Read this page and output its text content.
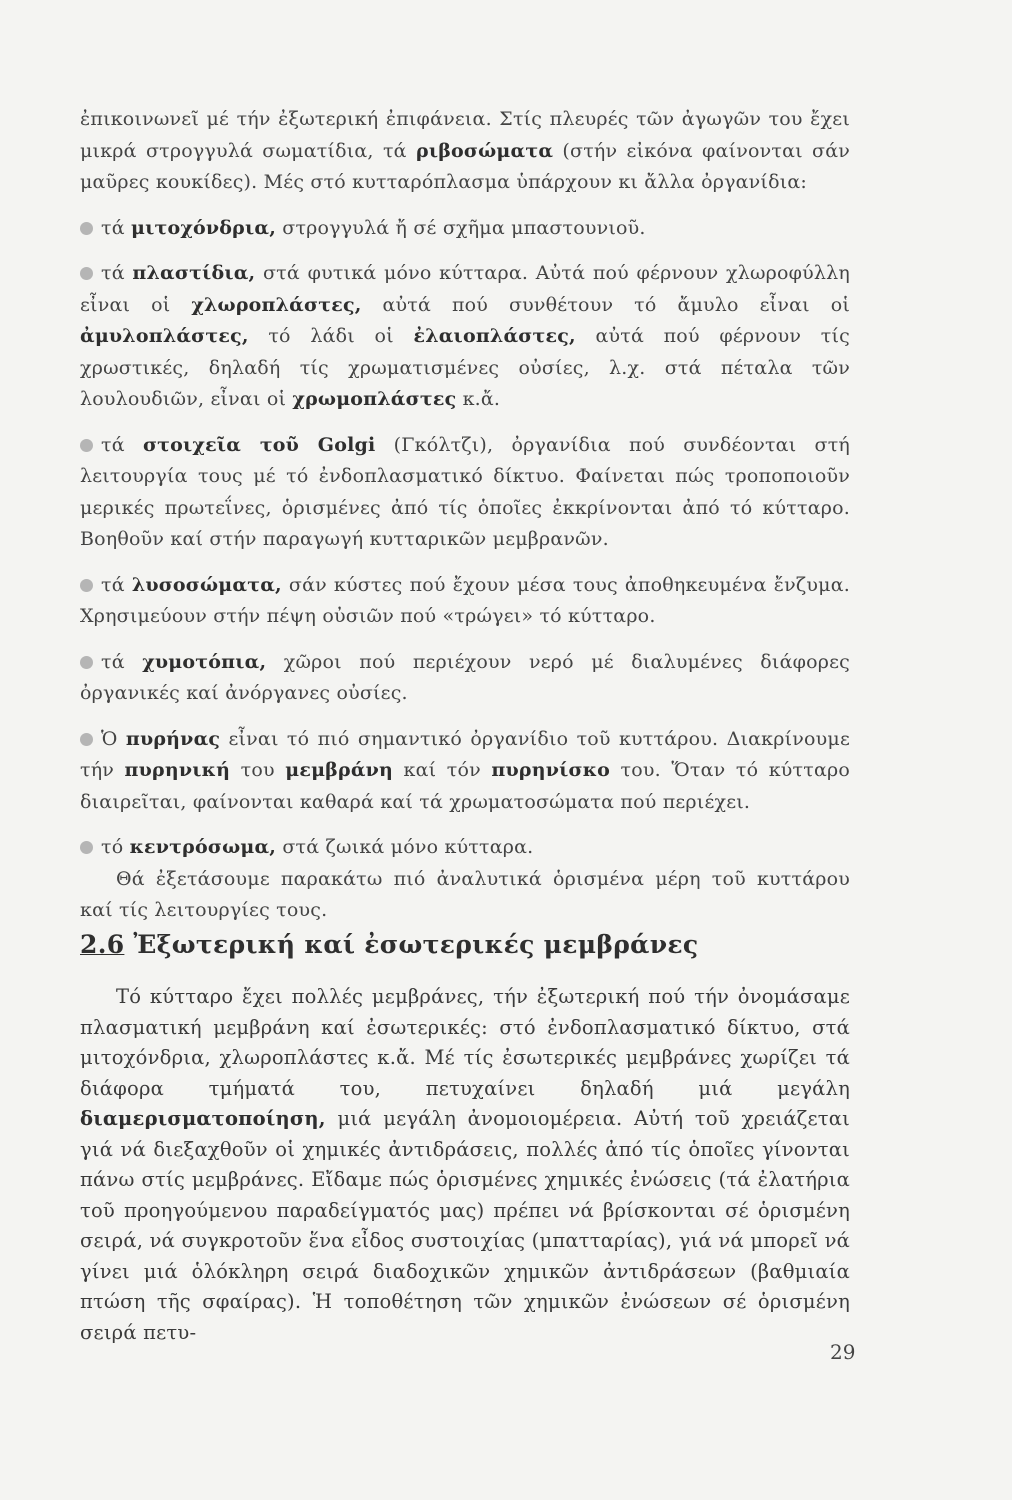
ἐπικοινωνεῖ μέ τήν ἐξωτερική ἐπιφάνεια. Στίς πλευρές τῶν ἀγωγῶν του ἔχει μικρά στρογγυλά σωματίδια, τά ριβοσώματα (στήν εἰκόνα φαίνονται σάν μαῦρες κουκίδες). Μές στό κυτταρόπλασμα ὑπάρχουν κι ἄλλα ὀργανίδια:

τά μιτοχόνδρια, στρογγυλά ἤ σέ σχῆμα μπαστουνιοῦ.

τά πλαστίδια, στά φυτικά μόνο κύτταρα. Αὐτά πού φέρνουν χλωροφύλλη εἶναι οἱ χλωροπλάστες, αὐτά πού συνθέτουν τό ἄμυλο εἶναι οἱ ἀμυλοπλάστες, τό λάδι οἱ ἐλαιοπλάστες, αὐτά πού φέρνουν τίς χρωστικές, δηλαδή τίς χρωματισμένες οὐσίες, λ.χ. στά πέταλα τῶν λουλουδιῶν, εἶναι οἱ χρωμοπλάστες κ.ἄ.

τά στοιχεῖα τοῦ Golgi (Γκόλτζι), ὀργανίδια πού συνδέονται στή λειτουργία τους μέ τό ἐνδοπλασματικό δίκτυο. Φαίνεται πώς τροποποιοῦν μερικές πρωτεΐνες, ὁρισμένες ἀπό τίς ὁποῖες ἐκκρίνονται ἀπό τό κύτταρο. Βοηθοῦν καί στήν παραγωγή κυτταρικῶν μεμβρανῶν.

τά λυσοσώματα, σάν κύστες πού ἔχουν μέσα τους ἀποθηκευμένα ἔνζυμα. Χρησιμεύουν στήν πέψη οὐσιῶν πού «τρώγει» τό κύτταρο.

τά χυμοτόπια, χῶροι πού περιέχουν νερό μέ διαλυμένες διάφορες ὀργανικές καί ἀνόργανες οὐσίες.

Ὁ πυρήνας εἶναι τό πιό σημαντικό ὀργανίδιο τοῦ κυττάρου. Διακρίνουμε τήν πυρηνική του μεμβράνη καί τόν πυρηνίσκο του. Ὅταν τό κύτταρο διαιρεῖται, φαίνονται καθαρά καί τά χρωματοσώματα πού περιέχει.

τό κεντρόσωμα, στά ζωικά μόνο κύτταρα.

Θά ἐξετάσουμε παρακάτω πιό ἀναλυτικά ὁρισμένα μέρη τοῦ κυττάρου καί τίς λειτουργίες τους.

2.6 Ἐξωτερική καί ἐσωτερικές μεμβράνες

Τό κύτταρο ἔχει πολλές μεμβράνες, τήν ἐξωτερική πού τήν ὀνομάσαμε πλασματική μεμβράνη καί ἐσωτερικές: στό ἐνδοπλασματικό δίκτυο, στά μιτοχόνδρια, χλωροπλάστες κ.ἄ. Μέ τίς ἐσωτερικές μεμβράνες χωρίζει τά διάφορα τμήματά του, πετυχαίνει δηλαδή μιά μεγάλη διαμερισματοποίηση, μιά μεγάλη ἀνομοιομέρεια. Αὐτή τοῦ χρειάζεται γιά νά διεξαχθοῦν οἱ χημικές ἀντιδράσεις, πολλές ἀπό τίς ὁποῖες γίνονται πάνω στίς μεμβράνες. Εἴδαμε πώς ὁρισμένες χημικές ἐνώσεις (τά ἐλατήρια τοῦ προηγούμενου παραδείγματός μας) πρέπει νά βρίσκονται σέ ὁρισμένη σειρά, νά συγκροτοῦν ἕνα εἶδος συστοιχίας (μπατταρίας), γιά νά μπορεῖ νά γίνει μιά ὁλόκληρη σειρά διαδοχικῶν χημικῶν ἀντιδράσεων (βαθμιαία πτώση τῆς σφαίρας). Ἡ τοποθέτηση τῶν χημικῶν ἐνώσεων σέ ὁρισμένη σειρά πετυ-

29
